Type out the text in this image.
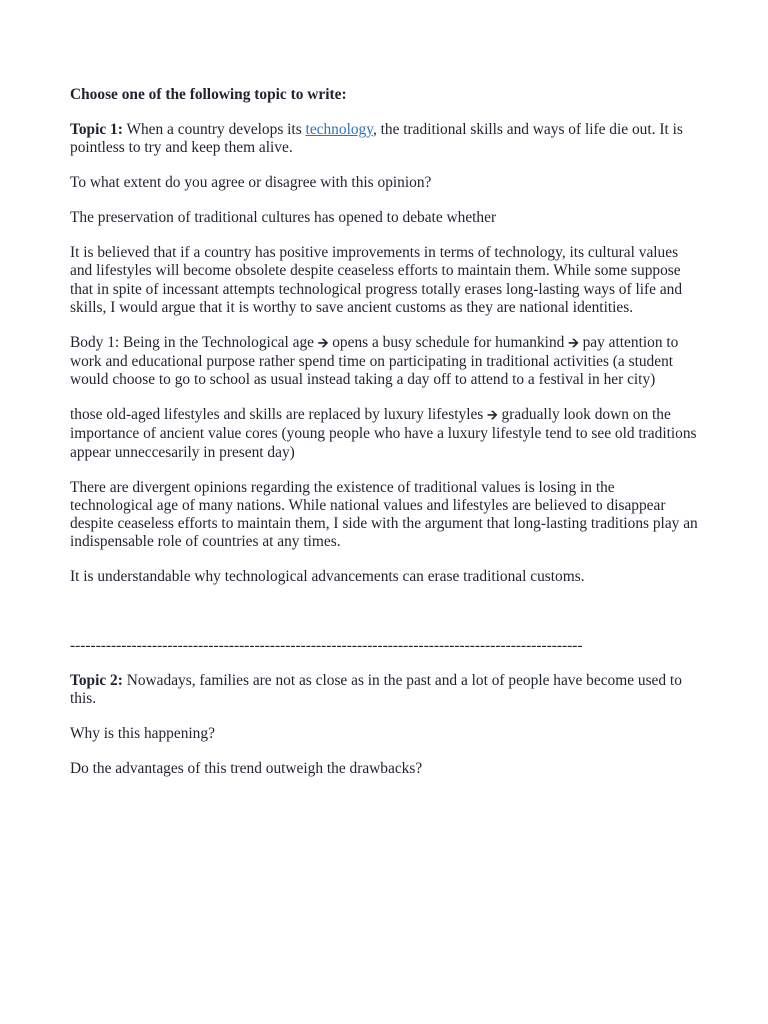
Choose one of the following topic to write:

Topic 1: When a country develops its technology, the traditional skills and ways of life die out. It is pointless to try and keep them alive.

To what extent do you agree or disagree with this opinion?

The preservation of traditional cultures has opened to debate whether

It is believed that if a country has positive improvements in terms of technology, its cultural values and lifestyles will become obsolete despite ceaseless efforts to maintain them. While some suppose that in spite of incessant attempts technological progress totally erases long-lasting ways of life and skills, I would argue that it is worthy to save ancient customs as they are national identities.

Body 1: Being in the Technological age 🡪 opens a busy schedule for humankind 🡪 pay attention to work and educational purpose rather spend time on participating in traditional activities (a student would choose to go to school as usual instead taking a day off to attend to a festival in her city)

those old-aged lifestyles and skills are replaced by luxury lifestyles 🡪 gradually look down on the importance of ancient value cores (young people who have a luxury lifestyle tend to see old traditions appear unneccesarily in present day)

There are divergent opinions regarding the existence of traditional values is losing in the technological age of many nations. While national values and lifestyles are believed to disappear despite ceaseless efforts to maintain them, I side with the argument that long-lasting traditions play an indispensable role of countries at any times.

It is understandable why technological advancements can erase traditional customs.

----------------------------------------------------------------------------------------------------

Topic 2: Nowadays, families are not as close as in the past and a lot of people have become used to this.

Why is this happening?

Do the advantages of this trend outweigh the drawbacks?
